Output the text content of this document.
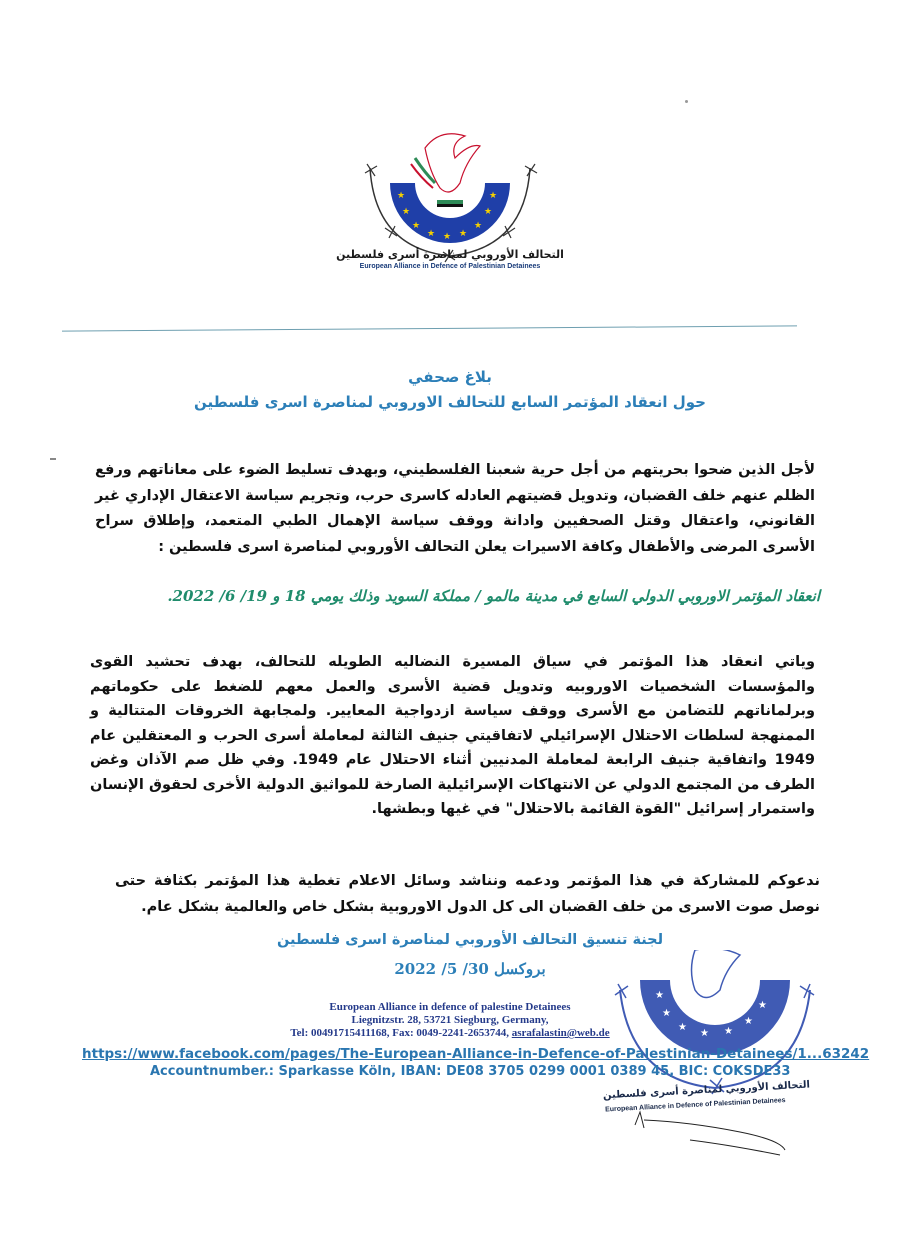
★
★
★
★ ★ ★
★
★
★
التحالف الأوروبي لمناصرة أسرى فلسطين
European Alliance in Defence of Palestinian Detainees
بلاغ صحفي
حول انعقاد المؤتمر السابع للتحالف الاوروبي لمناصرة اسرى فلسطين
لأجل الذين ضحوا بحريتهم من أجل حرية شعبنا الفلسطيني، وبهدف تسليط الضوء على معاناتهم ورفع الظلم عنهم خلف القضبان، وتدويل قضيتهم العادله كاسرى حرب، وتجريم سياسة الاعتقال الإداري غير القانوني، واعتقال وقتل الصحفيين وادانة ووقف سياسة الإهمال الطبي المتعمد، وإطلاق سراح الأسرى المرضى والأطفال وكافة الاسيرات يعلن التحالف الأوروبي لمناصرة اسرى فلسطين :
انعقاد المؤتمر الاوروبي الدولي السابع في مدينة مالمو / مملكة السويد وذلك يومي 18 و 19/ 6/ 2022.
وياتي انعقاد هذا المؤتمر في سياق المسيرة النضاليه الطويله للتحالف، بهدف تحشيد القوى والمؤسسات الشخصيات الاوروبيه وتدويل قضية الأسرى والعمل معهم للضغط على حكوماتهم وبرلماناتهم للتضامن مع الأسرى ووقف سياسة ازدواجية المعايير. ولمجابهة الخروقات المتتالية و الممنهجة لسلطات الاحتلال الإسرائيلي لاتفاقيتي جنيف الثالثة لمعاملة أسرى الحرب و المعتقلين عام 1949 واتفاقية جنيف الرابعة لمعاملة المدنيين أثناء الاحتلال عام 1949. وفي ظل صم الآذان وغض الطرف من المجتمع الدولي عن الانتهاكات الإسرائيلية الصارخة للمواثيق الدولية الأخرى لحقوق الإنسان واستمرار إسرائيل "القوة القائمة بالاحتلال" في غيها وبطشها.
ندعوكم للمشاركة في هذا المؤتمر ودعمه ونناشد وسائل الاعلام تغطية هذا المؤتمر بكثافة حتى نوصل صوت الاسرى من خلف القضبان الى كل الدول الاوروبية بشكل خاص والعالمية بشكل عام.
لجنة تنسيق التحالف الأوروبي لمناصرة اسرى فلسطين
بروكسل 30/ 5/ 2022
★
★
★
★ ★
★
★
التحالف الأوروبي لمناصرة أسرى فلسطين
European Alliance in Defence of Palestinian Detainees
European Alliance in defence of palestine Detainees
Liegnitzstr. 28, 53721 Siegburg, Germany,
Tel: 00491715411168, Fax: 0049-2241-2653744, asrafalastin@web.de
https://www.facebook.com/pages/The-European-Alliance-in-Defence-of-Palestinian-Detainees/1...63242
Accountnumber.: Sparkasse Köln, IBAN: DE08 3705 0299 0001 0389 45, BIC: COKSDE33
